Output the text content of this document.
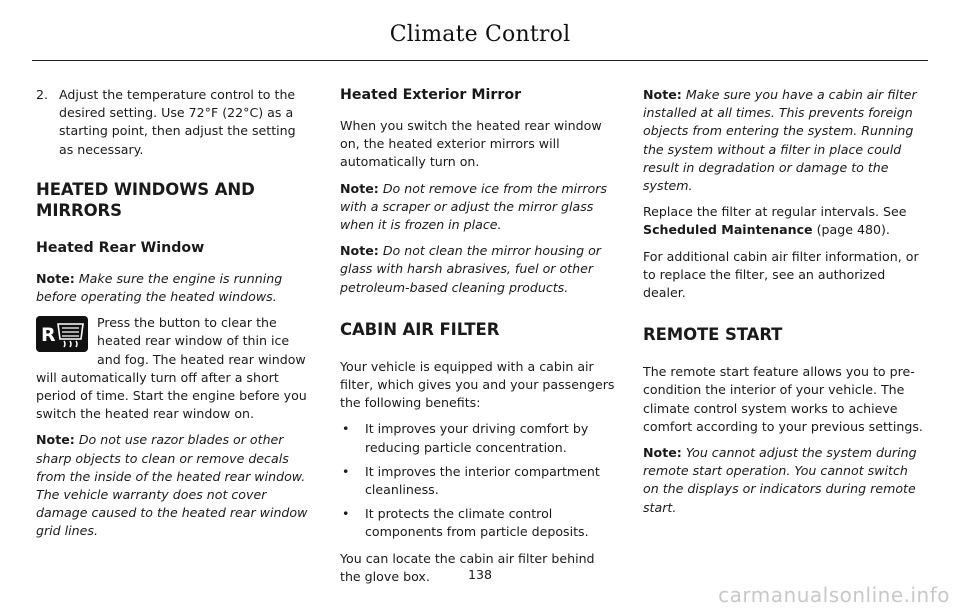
Climate Control
2. Adjust the temperature control to the desired setting. Use 72°F (22°C) as a starting point, then adjust the setting as necessary.
HEATED WINDOWS AND MIRRORS
Heated Rear Window

Note: Make sure the engine is running before operating the heated windows.

R
Press the button to clear the heated rear window of thin ice and fog. The heated rear window will automatically turn off after a short period of time. Start the engine before you switch the heated rear window on.

Note: Do not use razor blades or other sharp objects to clean or remove decals from the inside of the heated rear window. The vehicle warranty does not cover damage caused to the heated rear window grid lines.

Heated Exterior Mirror

When you switch the heated rear window on, the heated exterior mirrors will automatically turn on.

Note: Do not remove ice from the mirrors with a scraper or adjust the mirror glass when it is frozen in place.

Note: Do not clean the mirror housing or glass with harsh abrasives, fuel or other petroleum-based cleaning products.

CABIN AIR FILTER

Your vehicle is equipped with a cabin air filter, which gives you and your passengers the following benefits:

•	It improves your driving comfort by reducing particle concentration.
•	It improves the interior compartment cleanliness.
•	It protects the climate control components from particle deposits.

You can locate the cabin air filter behind the glove box.

Note: Make sure you have a cabin air filter installed at all times. This prevents foreign objects from entering the system. Running the system without a filter in place could result in degradation or damage to the system.

Replace the filter at regular intervals. See Scheduled Maintenance (page 480).

For additional cabin air filter information, or to replace the filter, see an authorized dealer.

REMOTE START

The remote start feature allows you to pre-condition the interior of your vehicle. The climate control system works to achieve comfort according to your previous settings.

Note: You cannot adjust the system during remote start operation. You cannot switch on the displays or indicators during remote start.

138
carmanualsonline.info
